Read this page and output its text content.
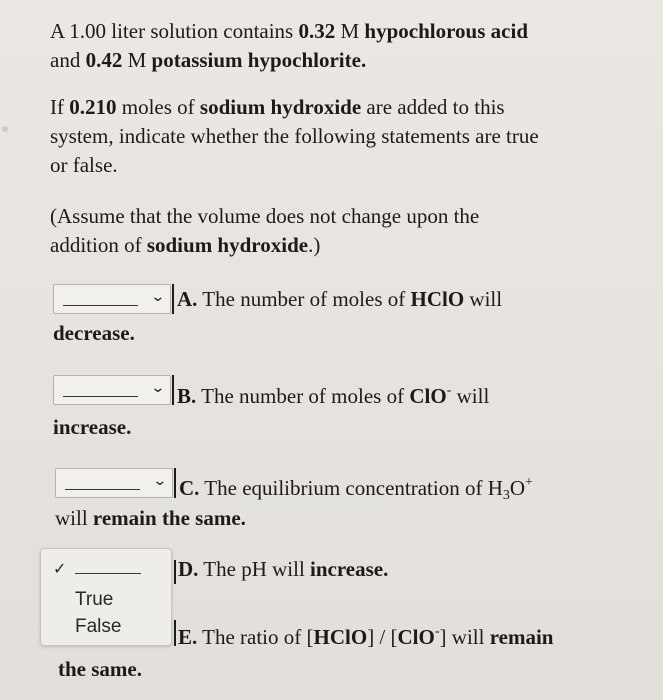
A 1.00 liter solution contains 0.32 M hypochlorous acid
and 0.42 M potassium hypochlorite.
If 0.210 moles of sodium hydroxide are added to this
system, indicate whether the following statements are true
or false.
(Assume that the volume does not change upon the
addition of sodium hydroxide.)
⌄ A. The number of moles of HClO will
decrease.
⌄ B. The number of moles of ClO- will
increase.
⌄ C. The equilibrium concentration of $H_3O^+$
will remain the same.
✓
True
False
D. The pH will increase.
E. The ratio of [HClO] / [ClO-] will remain
the same.
